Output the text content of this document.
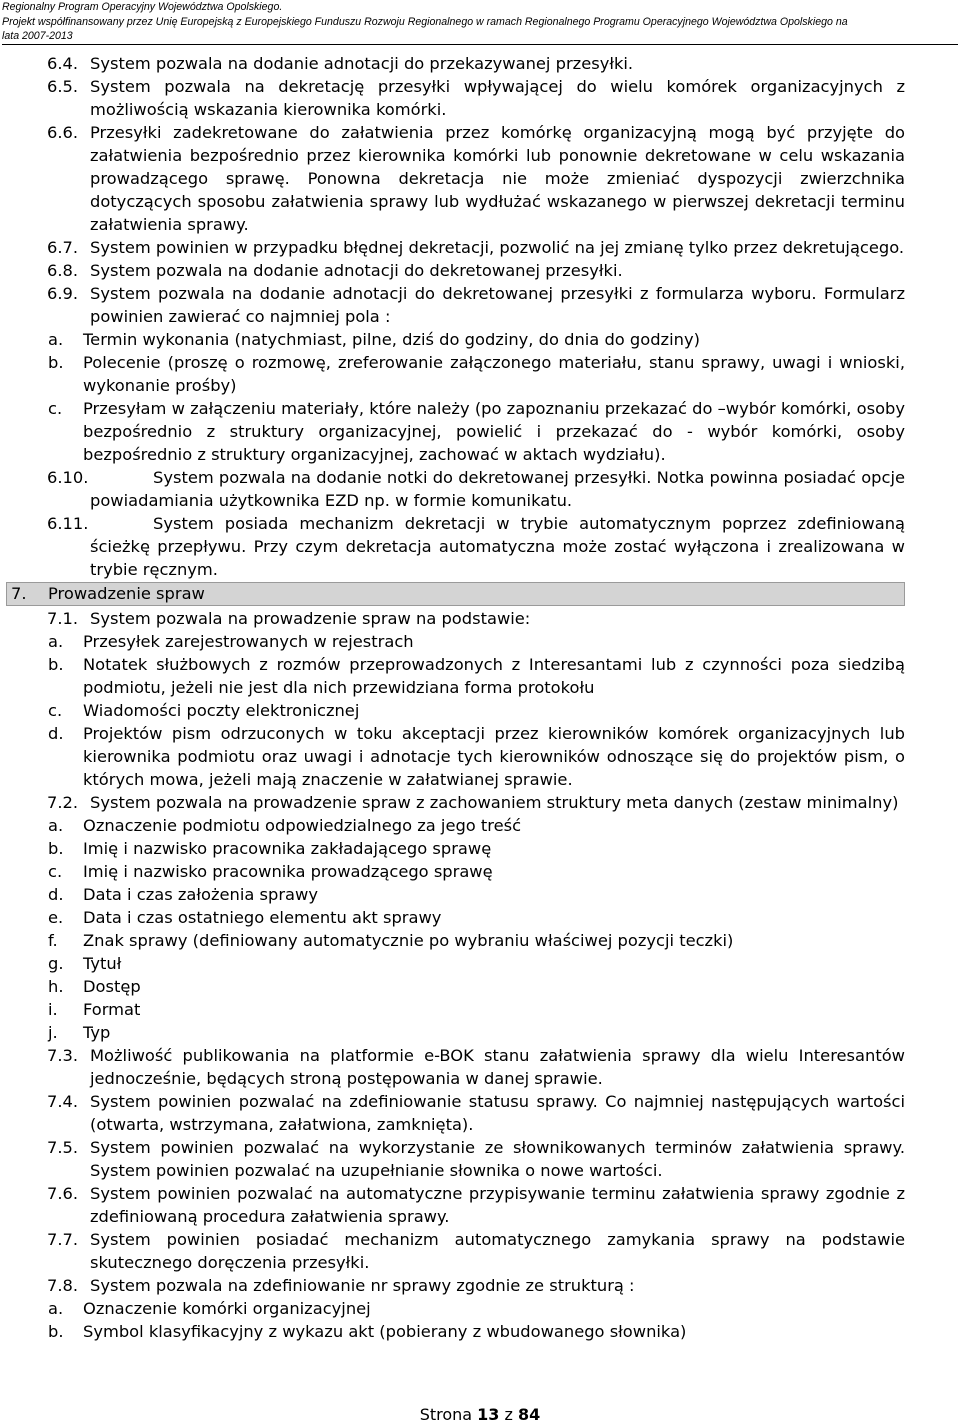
Regionalny Program Operacyjny Województwa Opolskiego.
Projekt współfinansowany przez Unię Europejską z Europejskiego Funduszu Rozwoju Regionalnego w ramach Regionalnego Programu Operacyjnego Województwa Opolskiego na
lata 2007-2013
6.4. System pozwala na dodanie adnotacji do przekazywanej przesyłki.
6.5. System pozwala na dekretację przesyłki wpływającej do wielu komórek organizacyjnych z możliwością wskazania kierownika komórki.
6.6. Przesyłki zadekretowane do załatwienia przez komórkę organizacyjną mogą być przyjęte do załatwienia bezpośrednio przez kierownika komórki lub ponownie dekretowane w celu wskazania prowadzącego sprawę. Ponowna dekretacja nie może zmieniać dyspozycji zwierzchnika dotyczących sposobu załatwienia sprawy lub wydłużać wskazanego w pierwszej dekretacji terminu załatwienia sprawy.
6.7. System powinien w przypadku błędnej dekretacji, pozwolić na jej zmianę tylko przez dekretującego.
6.8. System pozwala na dodanie adnotacji do dekretowanej przesyłki.
6.9. System pozwala na dodanie adnotacji do dekretowanej przesyłki z formularza wyboru. Formularz powinien zawierać co najmniej pola :
a. Termin wykonania (natychmiast, pilne, dziś do godziny, do dnia do godziny)
b. Polecenie (proszę o rozmowę, zreferowanie załączonego materiału, stanu sprawy, uwagi i wnioski, wykonanie prośby)
c. Przesyłam w załączeniu materiały, które należy (po zapoznaniu przekazać do –wybór komórki, osoby bezpośrednio z struktury organizacyjnej, powielić i przekazać do - wybór komórki, osoby bezpośrednio z struktury organizacyjnej, zachować w aktach wydziału).
6.10.	System pozwala na dodanie notki do dekretowanej przesyłki. Notka powinna posiadać opcje powiadamiania użytkownika EZD np. w formie komunikatu.
6.11.	System posiada mechanizm dekretacji w trybie automatycznym poprzez zdefiniowaną ścieżkę przepływu. Przy czym dekretacja automatyczna może zostać wyłączona i zrealizowana w trybie ręcznym.
7. Prowadzenie spraw
7.1. System pozwala na prowadzenie spraw na podstawie:
a. Przesyłek zarejestrowanych w rejestrach
b. Notatek służbowych z rozmów przeprowadzonych z Interesantami lub z czynności poza siedzibą podmiotu, jeżeli nie jest dla nich przewidziana forma protokołu
c. Wiadomości poczty elektronicznej
d. Projektów pism odrzuconych w toku akceptacji przez kierowników komórek organizacyjnych lub kierownika podmiotu oraz uwagi i adnotacje tych kierowników odnoszące się do projektów pism, o których mowa, jeżeli mają znaczenie w załatwianej sprawie.
7.2. System pozwala na prowadzenie spraw z zachowaniem struktury meta danych (zestaw minimalny)
a. Oznaczenie podmiotu odpowiedzialnego za jego treść
b. Imię i nazwisko pracownika zakładającego sprawę
c. Imię i nazwisko pracownika prowadzącego sprawę
d. Data i czas założenia sprawy
e. Data i czas ostatniego elementu akt sprawy
f. Znak sprawy (definiowany automatycznie po wybraniu właściwej pozycji teczki)
g. Tytuł
h. Dostęp
i. Format
j. Typ
7.3. Możliwość publikowania na platformie e-BOK stanu załatwienia sprawy dla wielu Interesantów jednocześnie, będących stroną postępowania w danej sprawie.
7.4. System powinien pozwalać na zdefiniowanie statusu sprawy. Co najmniej następujących wartości (otwarta, wstrzymana, załatwiona, zamknięta).
7.5. System powinien pozwalać na wykorzystanie ze słownikowanych terminów załatwienia sprawy. System powinien pozwalać na uzupełnianie słownika o nowe wartości.
7.6. System powinien pozwalać na automatyczne przypisywanie terminu załatwienia sprawy zgodnie z zdefiniowaną procedura załatwienia sprawy.
7.7. System powinien posiadać mechanizm automatycznego zamykania sprawy na podstawie skutecznego doręczenia przesyłki.
7.8. System pozwala na zdefiniowanie nr sprawy zgodnie ze strukturą :
a. Oznaczenie komórki organizacyjnej
b. Symbol klasyfikacyjny z wykazu akt (pobierany z wbudowanego słownika)
Strona 13 z 84
